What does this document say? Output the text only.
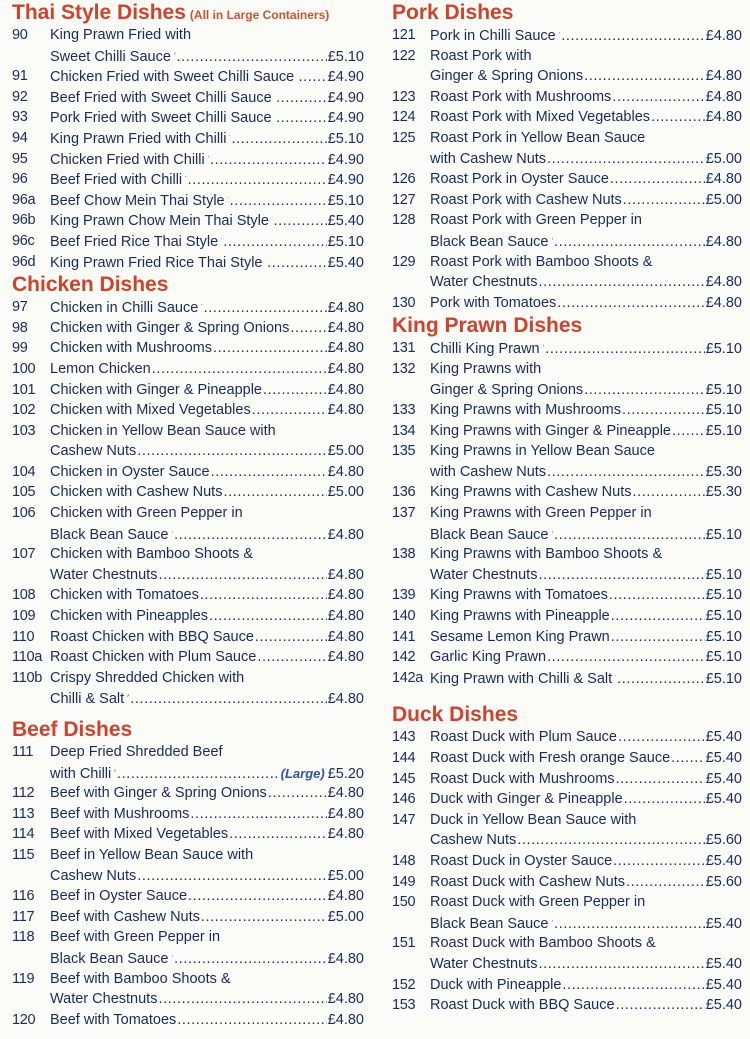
Thai Style Dishes (All in Large Containers)
90 King Prawn Fried with
Sweet Chilli Sauce .....	£5.10
91 Chicken Fried with Sweet Chilli Sauce ..... £4.90
92 Beef Fried with Sweet Chilli Sauce .....	£4.90
93 Pork Fried with Sweet Chilli Sauce .....	£4.90
94 King Prawn Fried with Chilli .....	£5.10
95 Chicken Fried with Chilli .....	£4.90
96 Beef Fried with Chilli .....	£4.90
96a Beef Chow Mein Thai Style .....	£5.10
96b King Prawn Chow Mein Thai Style .....	£5.40
96c Beef Fried Rice Thai Style .....	£5.10
96d King Prawn Fried Rice Thai Style .....	£5.40
Chicken Dishes
97 Chicken in Chilli Sauce .....	£4.80
98 Chicken with Ginger & Spring Onions .....	£4.80
99 Chicken with Mushrooms .....	£4.80
100 Lemon Chicken .....	£4.80
101 Chicken with Ginger & Pineapple .....	£4.80
102 Chicken with Mixed Vegetables .....	£4.80
103 Chicken in Yellow Bean Sauce with
Cashew Nuts .....	£5.00
104 Chicken in Oyster Sauce .....	£4.80
105 Chicken with Cashew Nuts .....	£5.00
106 Chicken with Green Pepper in
Black Bean Sauce .....	£4.80
107 Chicken with Bamboo Shoots &
Water Chestnuts .....	£4.80
108 Chicken with Tomatoes .....	£4.80
109 Chicken with Pineapples .....	£4.80
110 Roast Chicken with BBQ Sauce .....	£4.80
110a Roast Chicken with Plum Sauce .....	£4.80
110b Crispy Shredded Chicken with
Chilli & Salt .....	£4.80
Beef Dishes
111 Deep Fried Shredded Beef
with Chilli .....	(Large) £5.20
112 Beef with Ginger & Spring Onions .....	£4.80
113 Beef with Mushrooms .....	£4.80
114 Beef with Mixed Vegetables .....	£4.80
115 Beef in Yellow Bean Sauce with
Cashew Nuts .....	£5.00
116 Beef in Oyster Sauce .....	£4.80
117 Beef with Cashew Nuts .....	£5.00
118 Beef with Green Pepper in
Black Bean Sauce .....	£4.80
119 Beef with Bamboo Shoots &
Water Chestnuts .....	£4.80
120 Beef with Tomatoes .....	£4.80
Pork Dishes
121 Pork in Chilli Sauce .....	£4.80
122 Roast Pork with
Ginger & Spring Onions .....	£4.80
123 Roast Pork with Mushrooms .....	£4.80
124 Roast Pork with Mixed Vegetables .....	£4.80
125 Roast Pork in Yellow Bean Sauce
with Cashew Nuts .....	£5.00
126 Roast Pork in Oyster Sauce .....	£4.80
127 Roast Pork with Cashew Nuts .....	£5.00
128 Roast Pork with Green Pepper in
Black Bean Sauce .....	£4.80
129 Roast Pork with Bamboo Shoots &
Water Chestnuts .....	£4.80
130 Pork with Tomatoes .....	£4.80
King Prawn Dishes
131 Chilli King Prawn .....	£5.10
132 King Prawns with
Ginger & Spring Onions .....	£5.10
133 King Prawns with Mushrooms .....	£5.10
134 King Prawns with Ginger & Pineapple ..... £5.10
135 King Prawns in Yellow Bean Sauce
with Cashew Nuts .....	£5.30
136 King Prawns with Cashew Nuts .....	£5.30
137 King Prawns with Green Pepper in
Black Bean Sauce .....	£5.10
138 King Prawns with Bamboo Shoots &
Water Chestnuts .....	£5.10
139 King Prawns with Tomatoes .....	£5.10
140 King Prawns with Pineapple .....	£5.10
141 Sesame Lemon King Prawn .....	£5.10
142 Garlic King Prawn .....	£5.10
142a King Prawn with Chilli & Salt .....	£5.10
Duck Dishes
143 Roast Duck with Plum Sauce .....	£5.40
144 Roast Duck with Fresh orange Sauce ..... £5.40
145 Roast Duck with Mushrooms .....	£5.40
146 Duck with Ginger & Pineapple .....	£5.40
147 Duck in Yellow Bean Sauce with
Cashew Nuts .....	£5.60
148 Roast Duck in Oyster Sauce .....	£5.40
149 Roast Duck with Cashew Nuts .....	£5.60
150 Roast Duck with Green Pepper in
Black Bean Sauce .....	£5.40
151 Roast Duck with Bamboo Shoots &
Water Chestnuts .....	£5.40
152 Duck with Pineapple .....	£5.40
153 Roast Duck with BBQ Sauce .....	£5.40
